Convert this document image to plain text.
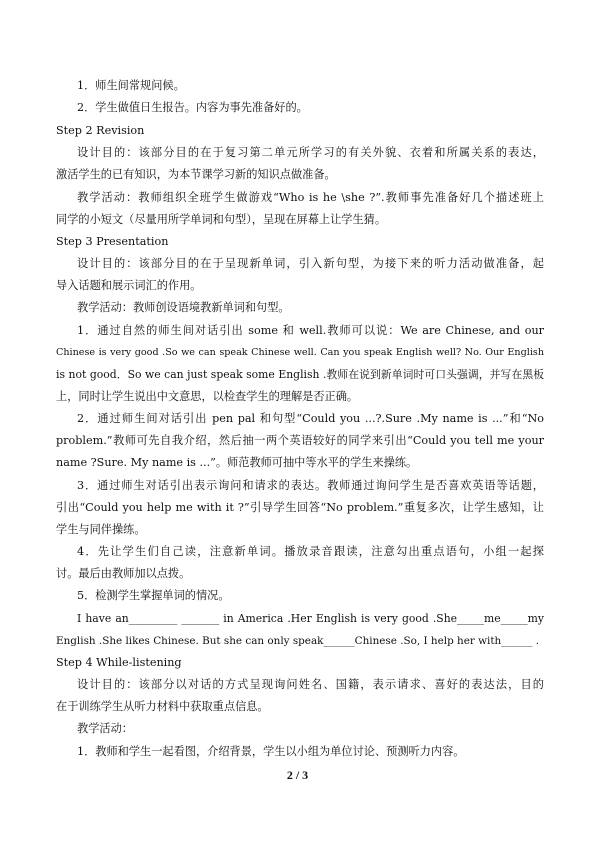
1．师生间常规问候。
2．学生做值日生报告。内容为事先准备好的。
Step 2 Revision
设计目的：该部分目的在于复习第二单元所学习的有关外貌、衣着和所属关系的表达，
激活学生的已有知识，为本节课学习新的知识点做准备。
教学活动：教师组织全班学生做游戏“Who is he \she ?”.教师事先准备好几个描述班上
同学的小短文（尽量用所学单词和句型），呈现在屏幕上让学生猜。
Step 3 Presentation
设计目的：该部分目的在于呈现新单词，引入新句型，为接下来的听力活动做准备，起
导入话题和展示词汇的作用。
教学活动：教师创设语境教新单词和句型。
1．通过自然的师生间对话引出 some 和 well.教师可以说：We are Chinese, and our
Chinese is very good .So we can speak Chinese well. Can you speak English well? No. Our English
is not good．So we can just speak some English .教师在说到新单词时可口头强调，并写在黑板
上，同时让学生说出中文意思，以检查学生的理解是否正确。
2．通过师生间对话引出 pen pal 和句型“Could you ...?.Sure .My name is ...”和“No
problem.”教师可先自我介绍，然后抽一两个英语较好的同学来引出“Could you tell me your
name ?Sure. My name is ...”。师范教师可抽中等水平的学生来操练。
3．通过师生对话引出表示询问和请求的表达。教师通过询问学生是否喜欢英语等话题，
引出“Could you help me with it ?”引导学生回答“No problem.”重复多次，让学生感知，让
学生与同伴操练。
4．先让学生们自己读，注意新单词。播放录音跟读，注意勾出重点语句，小组一起探
讨。最后由教师加以点拨。
5．检测学生掌握单词的情况。
I have an_________ _______ in America .Her English is very good .She_____me_____my
English .She likes Chinese. But she can only speak______Chinese .So, I help her with______ .
Step 4 While-listening
设计目的：该部分以对话的方式呈现询问姓名、国籍，表示请求、喜好的表达法，目的
在于训练学生从听力材料中获取重点信息。
教学活动：
1．教师和学生一起看图，介绍背景，学生以小组为单位讨论、预测听力内容。
2 / 3
